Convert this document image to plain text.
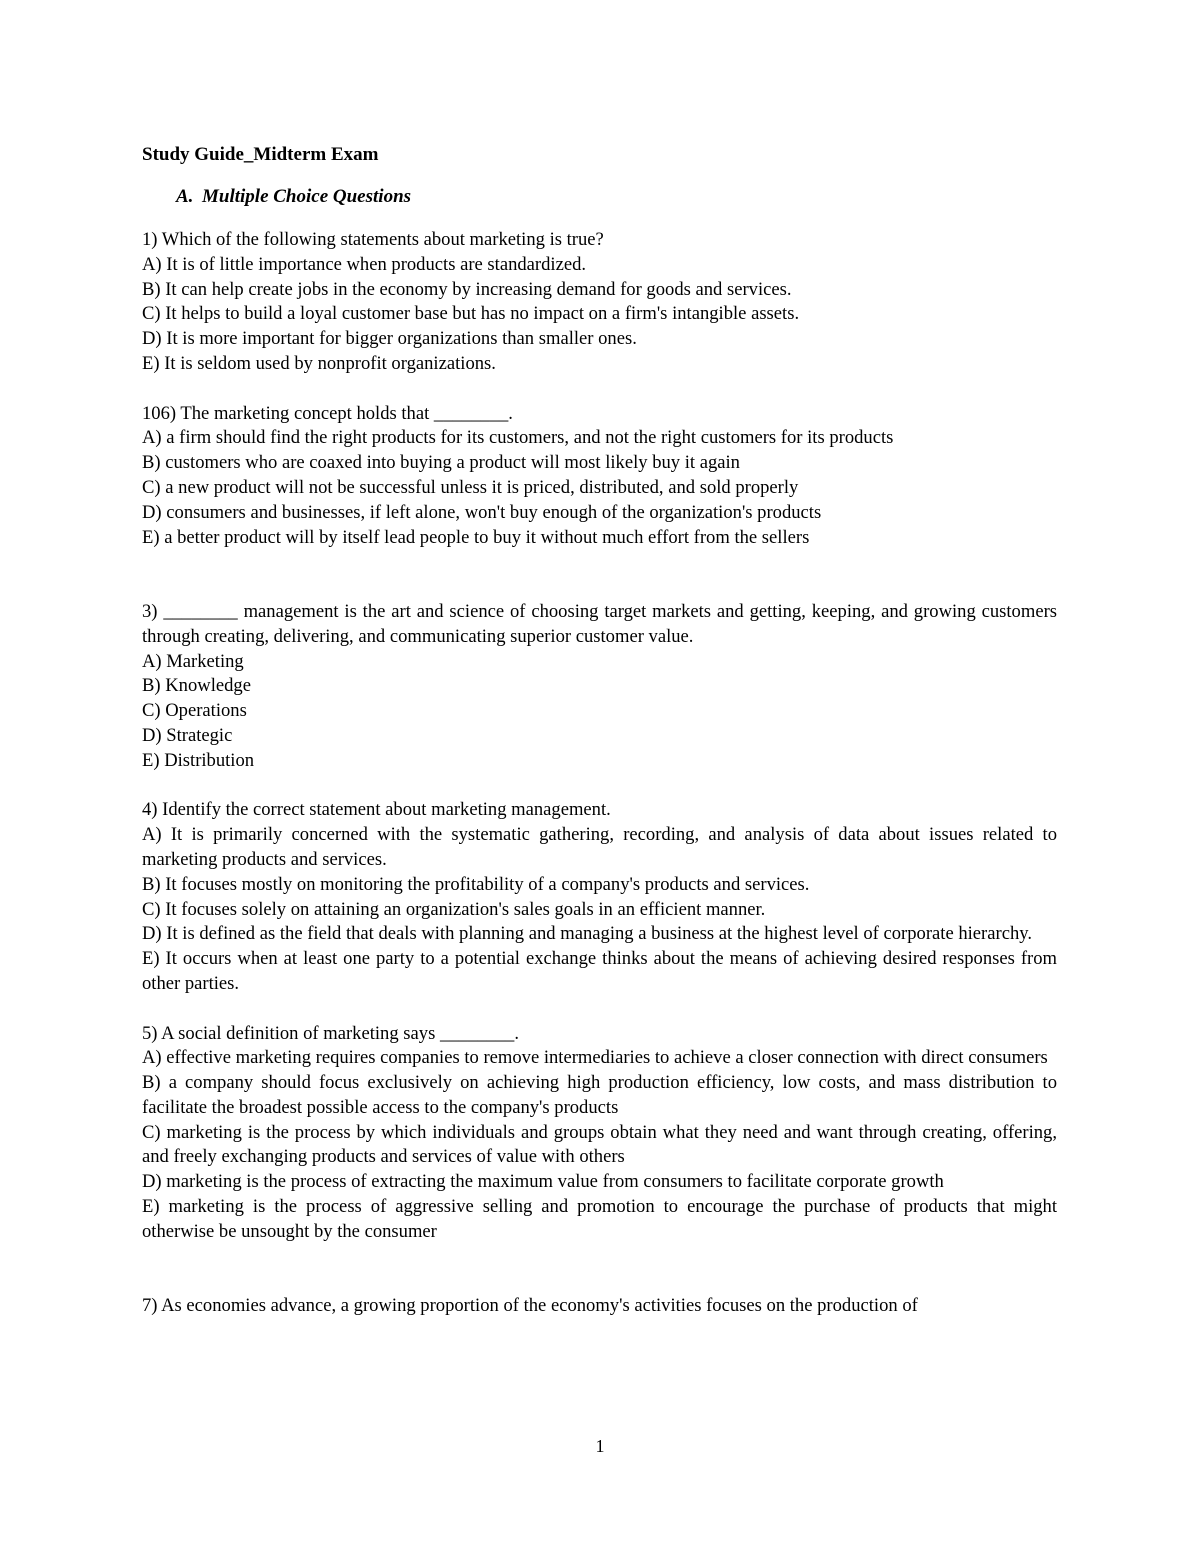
Study Guide_Midterm Exam
A. Multiple Choice Questions

1) Which of the following statements about marketing is true?

A) It is of little importance when products are standardized.

B) It can help create jobs in the economy by increasing demand for goods and services.

C) It helps to build a loyal customer base but has no impact on a firm's intangible assets.

D) It is more important for bigger organizations than smaller ones.

E) It is seldom used by nonprofit organizations.

106) The marketing concept holds that ________.

A) a firm should find the right products for its customers, and not the right customers for its products

B) customers who are coaxed into buying a product will most likely buy it again

C) a new product will not be successful unless it is priced, distributed, and sold properly

D) consumers and businesses, if left alone, won't buy enough of the organization's products

E) a better product will by itself lead people to buy it without much effort from the sellers

3) ________ management is the art and science of choosing target markets and getting, keeping, and growing customers through creating, delivering, and communicating superior customer value.

A) Marketing

B) Knowledge

C) Operations

D) Strategic

E) Distribution

4) Identify the correct statement about marketing management.

A) It is primarily concerned with the systematic gathering, recording, and analysis of data about issues related to marketing products and services.

B) It focuses mostly on monitoring the profitability of a company's products and services.

C) It focuses solely on attaining an organization's sales goals in an efficient manner.

D) It is defined as the field that deals with planning and managing a business at the highest level of corporate hierarchy.

E) It occurs when at least one party to a potential exchange thinks about the means of achieving desired responses from other parties.

5) A social definition of marketing says ________.

A) effective marketing requires companies to remove intermediaries to achieve a closer connection with direct consumers

B) a company should focus exclusively on achieving high production efficiency, low costs, and mass distribution to facilitate the broadest possible access to the company's products

C) marketing is the process by which individuals and groups obtain what they need and want through creating, offering, and freely exchanging products and services of value with others

D) marketing is the process of extracting the maximum value from consumers to facilitate corporate growth

E) marketing is the process of aggressive selling and promotion to encourage the purchase of products that might otherwise be unsought by the consumer

7) As economies advance, a growing proportion of the economy's activities focuses on the production of

1
